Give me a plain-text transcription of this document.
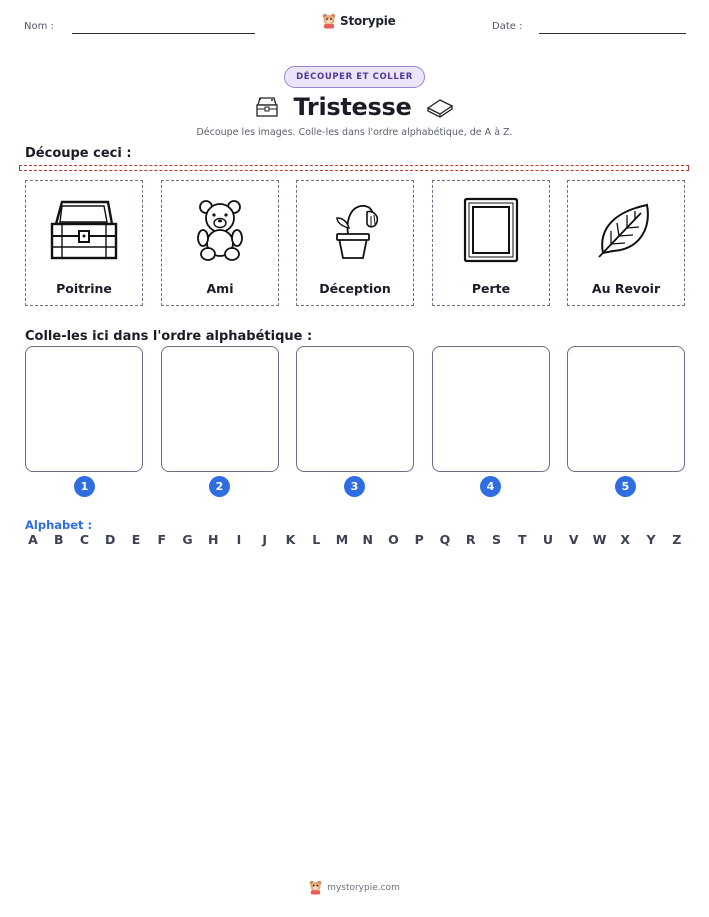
Nom :	Storypie	Date :
DÉCOUPER ET COLLER
Tristesse
Découpe les images. Colle-les dans l'ordre alphabétique, de A à Z.
Découpe ceci :
Poitrine	Ami	Déception	Perte	Au Revoir
Colle-les ici dans l'ordre alphabétique :
1	2	3	4	5
Alphabet :
A B C D E F G H	I	J	K	L	M N O P Q R S T U V W X Y Z
mystorypie.com
